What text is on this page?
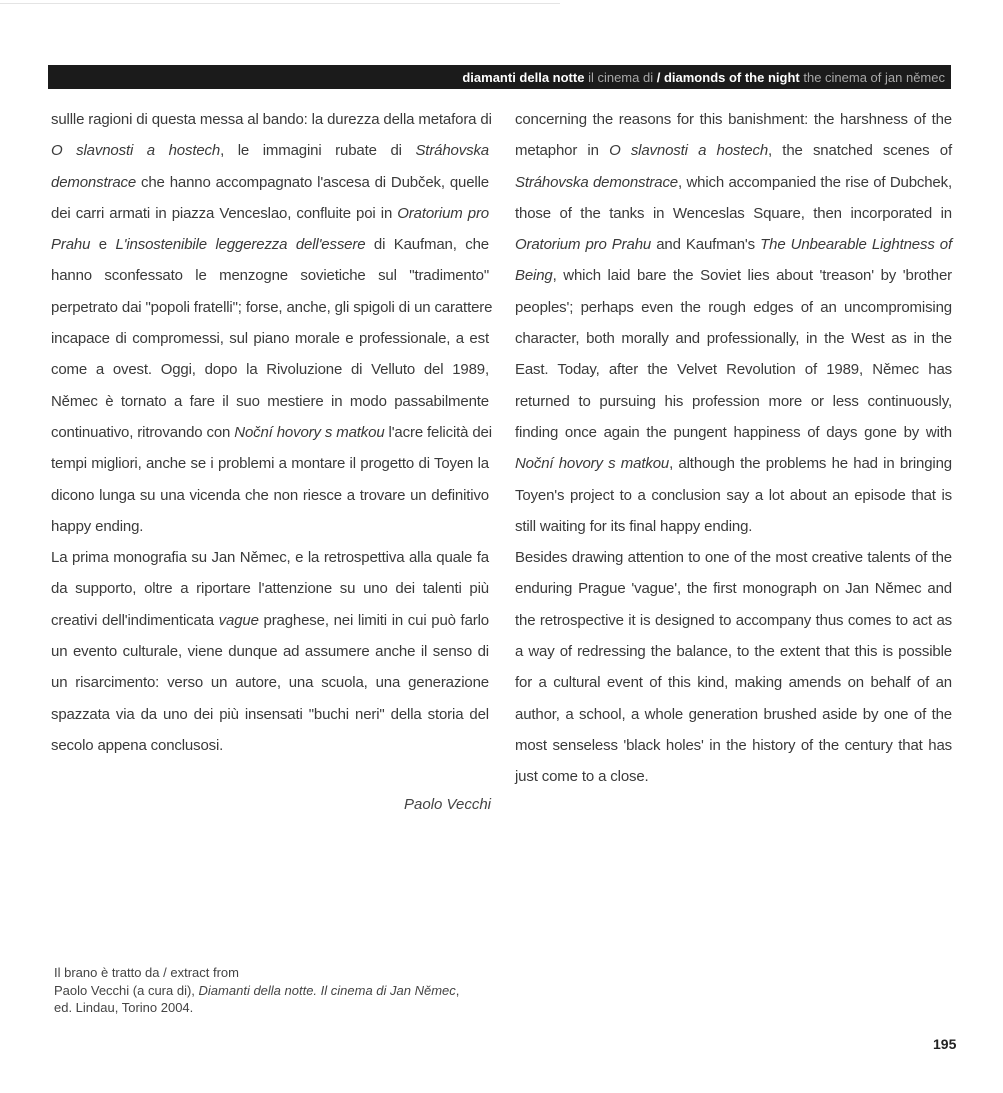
diamanti della notte
il cinema di
/
diamonds of the night
the cinema of jan němec
sullle ragioni di questa messa al bando: la durezza della metafora di
O slavnosti a hostech, le immagini rubate di Stráhovska
demonstrace che hanno accompagnato l'ascesa di Dubček, quelle
dei carri armati in piazza Venceslao, confluite poi in Oratorium pro
Prahu e L'insostenibile leggerezza dell'essere di Kaufman, che
hanno sconfessato le menzogne sovietiche sul "tradimento"
perpetrato dai "popoli fratelli"; forse, anche, gli spigoli di un carattere
incapace di compromessi, sul piano morale e professionale, a est
come a ovest. Oggi, dopo la Rivoluzione di Velluto del 1989,
Němec è tornato a fare il suo mestiere in modo passabilmente
continuativo, ritrovando con Noční hovory s matkou l'acre felicità dei
tempi migliori, anche se i problemi a montare il progetto di Toyen la
dicono lunga su una vicenda che non riesce a trovare un definitivo
happy ending.
La prima monografia su Jan Němec, e la retrospettiva alla quale fa
da supporto, oltre a riportare l'attenzione su uno dei talenti più
creativi dell'indimenticata vague praghese, nei limiti in cui può farlo
un evento culturale, viene dunque ad assumere anche il senso di
un risarcimento: verso un autore, una scuola, una generazione
spazzata via da uno dei più insensati "buchi neri" della storia del
secolo appena conclusosi.
concerning the reasons for this banishment: the harshness of the
metaphor in O slavnosti a hostech, the snatched scenes of
Stráhovska demonstrace, which accompanied the rise of Dubchek,
those of the tanks in Wenceslas Square, then incorporated in
Oratorium pro Prahu and Kaufman's The Unbearable Lightness of
Being, which laid bare the Soviet lies about 'treason' by 'brother
peoples'; perhaps even the rough edges of an uncompromising
character, both morally and professionally, in the West as in the
East. Today, after the Velvet Revolution of 1989, Němec has
returned to pursuing his profession more or less continuously,
finding once again the pungent happiness of days gone by with
Noční hovory s matkou, although the problems he had in bringing
Toyen's project to a conclusion say a lot about an episode that is
still waiting for its final happy ending.
Besides drawing attention to one of the most creative talents of the
enduring Prague 'vague', the first monograph on Jan Němec and
the retrospective it is designed to accompany thus comes to act as
a way of redressing the balance, to the extent that this is possible
for a cultural event of this kind, making amends on behalf of an
author, a school, a whole generation brushed aside by one of the
most senseless 'black holes' in the history of the century that has
just come to a close.
Paolo Vecchi
Il brano è tratto da / extract from
Paolo Vecchi (a cura di), Diamanti della notte. Il cinema di Jan Němec,
ed. Lindau, Torino 2004.
195
